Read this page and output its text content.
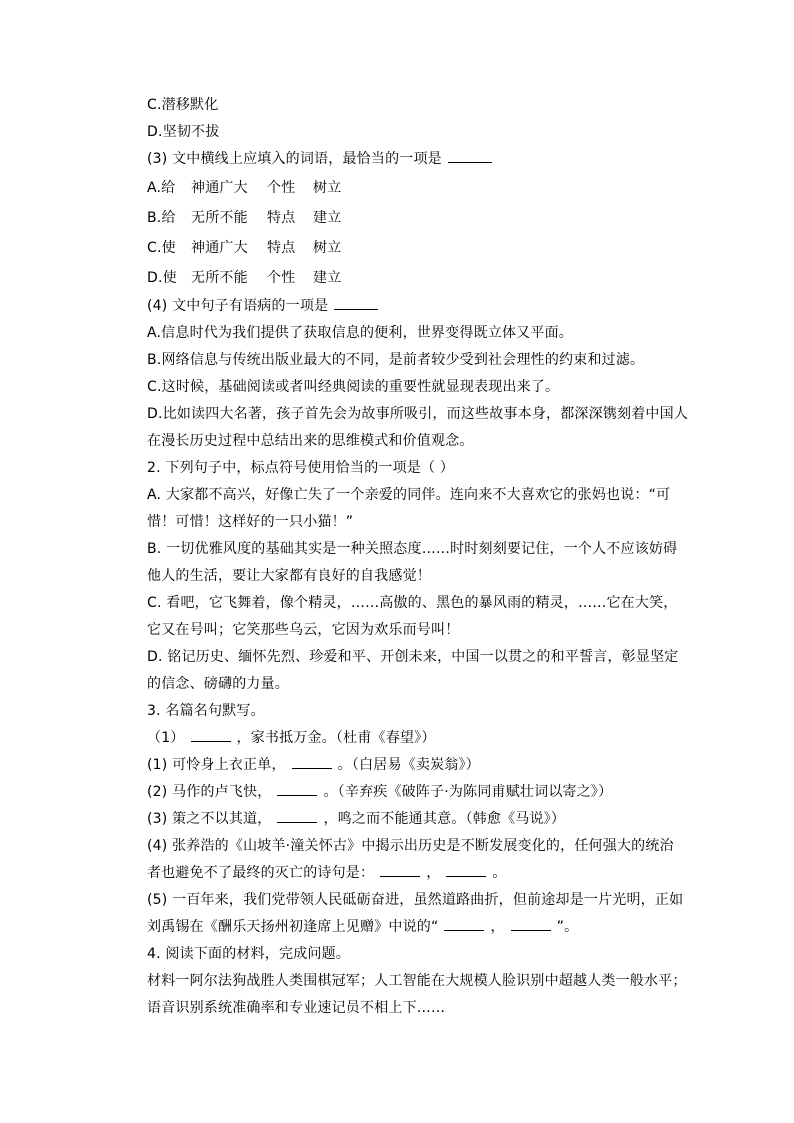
C.潜移默化
D.坚韧不拔
(3) 文中横线上应填入的词语，最恰当的一项是
A.给 神通广大 个性 树立
B.给 无所不能 特点 建立
C.使 神通广大 特点 树立
D.使 无所不能 个性 建立
(4) 文中句子有语病的一项是
A.信息时代为我们提供了获取信息的便利，世界变得既立体又平面。
B.网络信息与传统出版业最大的不同，是前者较少受到社会理性的约束和过滤。
C.这时候，基础阅读或者叫经典阅读的重要性就显现表现出来了。
D.比如读四大名著，孩子首先会为故事所吸引，而这些故事本身，都深深镌刻着中国人
在漫长历史过程中总结出来的思维模式和价值观念。
2. 下列句子中，标点符号使用恰当的一项是（ ）
A. 大家都不高兴，好像亡失了一个亲爱的同伴。连向来不大喜欢它的张妈也说：“可
惜！可惜！这样好的一只小猫！”
B. 一切优雅风度的基础其实是一种关照态度……时时刻刻要记住，一个人不应该妨碍
他人的生活，要让大家都有良好的自我感觉！
C. 看吧，它飞舞着，像个精灵，……高傲的、黑色的暴风雨的精灵，……它在大笑，
它又在号叫；它笑那些乌云，它因为欢乐而号叫！
D. 铭记历史、缅怀先烈、珍爱和平、开创未来，中国一以贯之的和平誓言，彰显坚定
的信念、磅礴的力量。
3. 名篇名句默写。
（1）	，家书抵万金。（杜甫《春望》）
(1) 可怜身上衣正单，	。（白居易《卖炭翁》）
(2) 马作的卢飞快，	。（辛弃疾《破阵子·为陈同甫赋壮词以寄之》）
(3) 策之不以其道，	，鸣之而不能通其意。（韩愈《马说》）
(4) 张养浩的《山坡羊·潼关怀古》中揭示出历史是不断发展变化的，任何强大的统治
者也避免不了最终的灭亡的诗句是：	，	。
(5) 一百年来，我们党带领人民砥砺奋进，虽然道路曲折，但前途却是一片光明，正如
刘禹锡在《酬乐天扬州初逢席上见赠》中说的“	，	”。
4. 阅读下面的材料，完成问题。
材料一阿尔法狗战胜人类围棋冠军；人工智能在大规模人脸识别中超越人类一般水平；
语音识别系统准确率和专业速记员不相上下……
